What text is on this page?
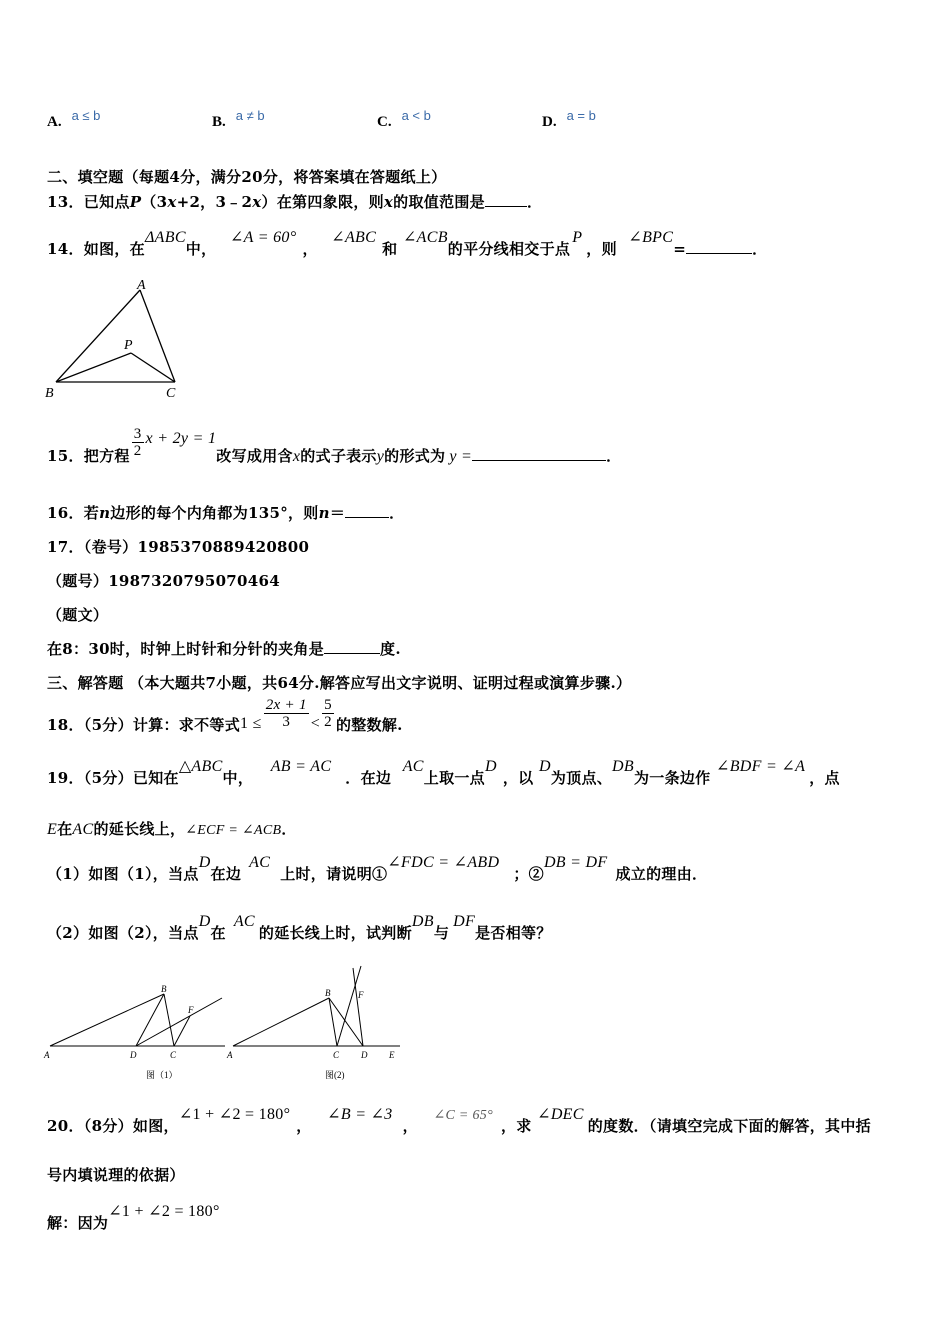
A. a ≤ b	B. a ≠ b	C. a < b	D. a = b
二、填空题（每题4分，满分20分，将答案填在答题纸上）
13．已知点P（3x+2，3﹣2x）在第四象限，则x的取值范围是	．
14．如图，在ΔABC中， ∠A = 60°， ∠ABC和 ∠ACB的平分线相交于点P，则 ∠BPC=	．
A
B	C
P
15．把方程 $\frac{3}{2}$ x + 2y = 1改写成用含x的式子表示y的形式为 y =	．
16．若n边形的每个内角都为135°，则n＝	．
17．（卷号）1985370889420800
（题号）1987320795070464
（题文）
在8：30时，时钟上时针和分针的夹角是	度.
三、解答题 （本大题共7小题，共64分.解答应写出文字说明、证明过程或演算步骤.）
18．（5分）计算：求不等式$1 \le \frac{2x + 1}{3} < \frac{5}{2}$ 的整数解.
19．（5分）已知在△ABC中， AB = AC．在边 AC上取一点D，以 D为顶点、DB为一条边作 ∠BDF = ∠A，点
E在AC的延长线上，∠ECF = ∠ACB．
（1）如图（1），当点D在边AC上时，请说明①∠FDC = ∠ABD；②DB = DF成立的理由．
（2）如图（2），当点D在AC的延长线上时，试判断DB与DF是否相等？
A
B
D	C
F
图（1）
A
B
C D E
F
图(2)
20．（8分）如图，∠1 + ∠2 = 180°， ∠B = ∠3， ∠C = 65°，求 ∠DEC的度数．（请填空完成下面的解答，其中括
号内填说理的依据）
解：因为∠1 + ∠2 = 180°
